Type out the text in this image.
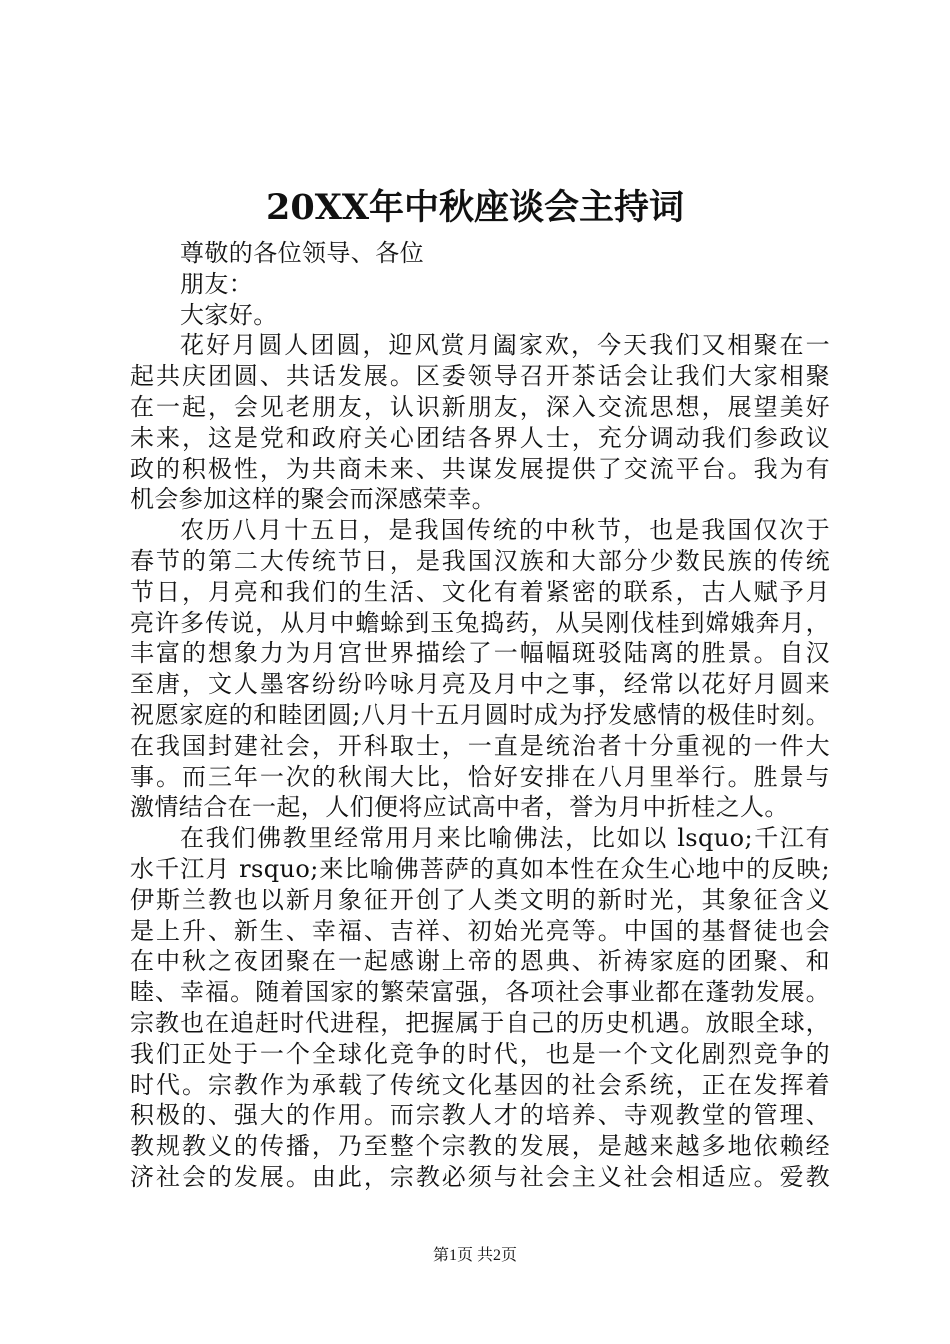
20XX年中秋座谈会主持词
尊敬的各位领导、各位
朋友：
大家好。
花好月圆人团圆，迎风赏月阖家欢，今天我们又相聚在一
起共庆团圆、共话发展。区委领导召开茶话会让我们大家相聚
在一起，会见老朋友，认识新朋友，深入交流思想，展望美好
未来，这是党和政府关心团结各界人士，充分调动我们参政议
政的积极性，为共商未来、共谋发展提供了交流平台。我为有
机会参加这样的聚会而深感荣幸。
农历八月十五日，是我国传统的中秋节，也是我国仅次于
春节的第二大传统节日，是我国汉族和大部分少数民族的传统
节日，月亮和我们的生活、文化有着紧密的联系，古人赋予月
亮许多传说，从月中蟾蜍到玉兔捣药，从吴刚伐桂到嫦娥奔月，
丰富的想象力为月宫世界描绘了一幅幅斑驳陆离的胜景。自汉
至唐，文人墨客纷纷吟咏月亮及月中之事，经常以花好月圆来
祝愿家庭的和睦团圆;八月十五月圆时成为抒发感情的极佳时刻。
在我国封建社会，开科取士，一直是统治者十分重视的一件大
事。而三年一次的秋闱大比，恰好安排在八月里举行。胜景与
激情结合在一起，人们便将应试高中者，誉为月中折桂之人。
在我们佛教里经常用月来比喻佛法，比如以 lsquo;千江有
水千江月 rsquo;来比喻佛菩萨的真如本性在众生心地中的反映;
伊斯兰教也以新月象征开创了人类文明的新时光，其象征含义
是上升、新生、幸福、吉祥、初始光亮等。中国的基督徒也会
在中秋之夜团聚在一起感谢上帝的恩典、祈祷家庭的团聚、和
睦、幸福。随着国家的繁荣富强，各项社会事业都在蓬勃发展。
宗教也在追赶时代进程，把握属于自己的历史机遇。放眼全球，
我们正处于一个全球化竞争的时代，也是一个文化剧烈竞争的
时代。宗教作为承载了传统文化基因的社会系统，正在发挥着
积极的、强大的作用。而宗教人才的培养、寺观教堂的管理、
教规教义的传播，乃至整个宗教的发展，是越来越多地依赖经
济社会的发展。由此，宗教必须与社会主义社会相适应。爱教
第1页 共2页
